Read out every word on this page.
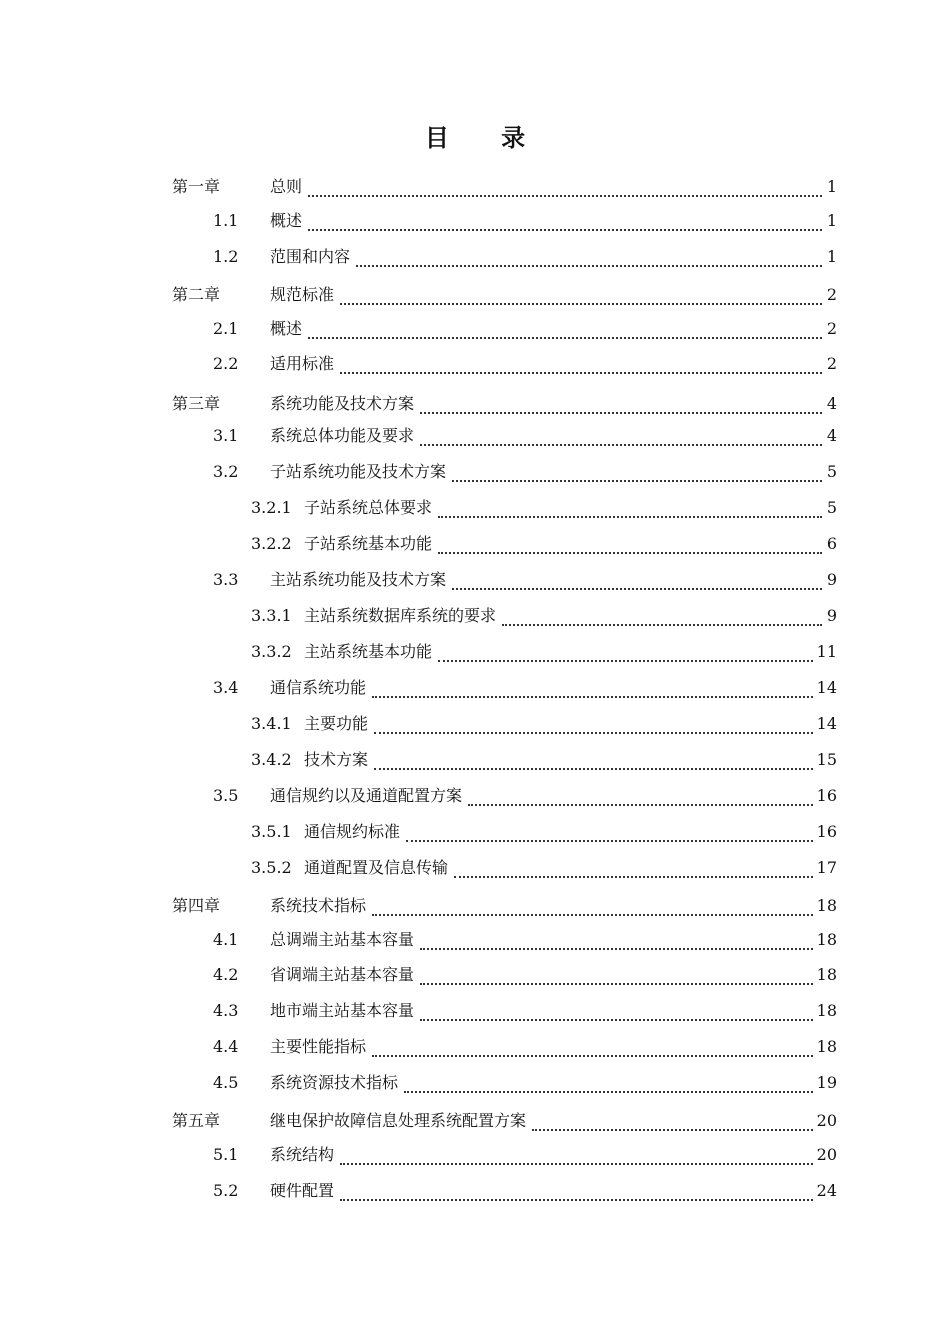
目 录
第一章	总则	1
1.1 概述	1
1.2 范围和内容	1
第二章	规范标准	2
2.1 概述	2
2.2 适用标准	2
第三章	系统功能及技术方案	4
3.1 系统总体功能及要求	4
3.2 子站系统功能及技术方案	5
3.2.1 子站系统总体要求	5
3.2.2 子站系统基本功能	6
3.3 主站系统功能及技术方案	9
3.3.1 主站系统数据库系统的要求	9
3.3.2 主站系统基本功能	11
3.4 通信系统功能	14
3.4.1 主要功能	14
3.4.2 技术方案	15
3.5 通信规约以及通道配置方案	16
3.5.1 通信规约标准	16
3.5.2 通道配置及信息传输	17
第四章	系统技术指标	18
4.1 总调端主站基本容量	18
4.2 省调端主站基本容量	18
4.3 地市端主站基本容量	18
4.4 主要性能指标	18
4.5 系统资源技术指标	19
第五章	继电保护故障信息处理系统配置方案	20
5.1 系统结构	20
5.2 硬件配置	24
